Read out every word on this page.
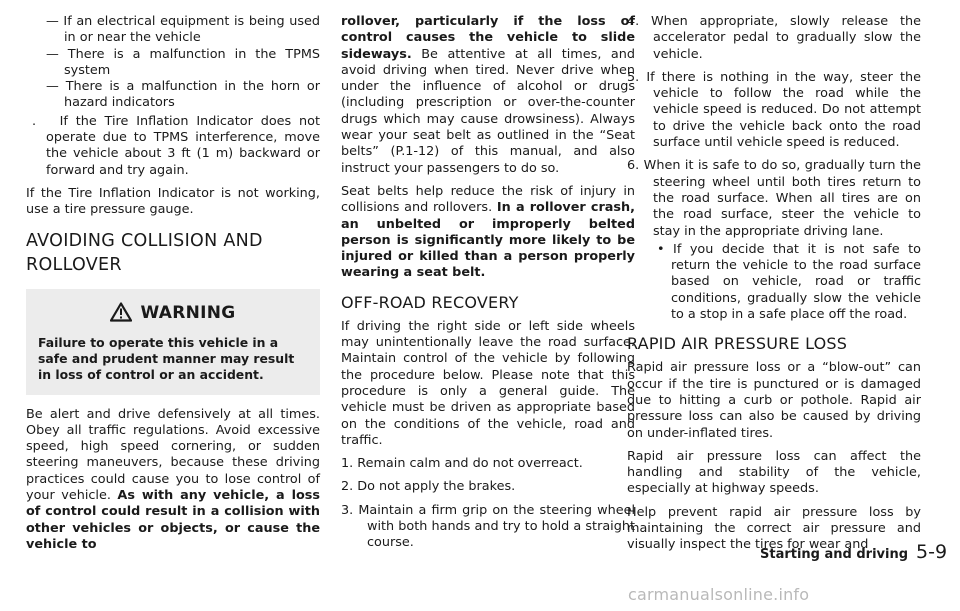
— If an electrical equipment is being used in or near the vehicle

— There is a malfunction in the TPMS system

— There is a malfunction in the horn or hazard indicators

.   If the Tire Inflation Indicator does not operate due to TPMS interference, move the vehicle about 3 ft (1 m) backward or forward and try again.

If the Tire Inflation Indicator is not working, use a tire pressure gauge.

AVOIDING COLLISION AND ROLLOVER
WARNING

Failure to operate this vehicle in a safe and prudent manner may result in loss of control or an accident.

Be alert and drive defensively at all times. Obey all traffic regulations. Avoid excessive speed, high speed cornering, or sudden steering maneuvers, because these driving practices could cause you to lose control of your vehicle. As with any vehicle, a loss of control could result in a collision with other vehicles or objects, or cause the vehicle to

rollover, particularly if the loss of control causes the vehicle to slide sideways. Be attentive at all times, and avoid driving when tired. Never drive when under the influence of alcohol or drugs (including prescription or over-the-counter drugs which may cause drowsiness). Always wear your seat belt as outlined in the “Seat belts” (P.1-12) of this manual, and also instruct your passengers to do so.

Seat belts help reduce the risk of injury in collisions and rollovers. In a rollover crash, an unbelted or improperly belted person is significantly more likely to be injured or killed than a person properly wearing a seat belt.

OFF-ROAD RECOVERY

If driving the right side or left side wheels may unintentionally leave the road surface. Maintain control of the vehicle by following the procedure below. Please note that this procedure is only a general guide. The vehicle must be driven as appropriate based on the conditions of the vehicle, road and traffic.

1. Remain calm and do not overreact.

2. Do not apply the brakes.

3. Maintain a firm grip on the steering wheel with both hands and try to hold a straight course.

4. When appropriate, slowly release the accelerator pedal to gradually slow the vehicle.

5. If there is nothing in the way, steer the vehicle to follow the road while the vehicle speed is reduced. Do not attempt to drive the vehicle back onto the road surface until vehicle speed is reduced.

6. When it is safe to do so, gradually turn the steering wheel until both tires return to the road surface. When all tires are on the road surface, steer the vehicle to stay in the appropriate driving lane.

• If you decide that it is not safe to return the vehicle to the road surface based on vehicle, road or traffic conditions, gradually slow the vehicle to a stop in a safe place off the road.

RAPID AIR PRESSURE LOSS

Rapid air pressure loss or a “blow-out” can occur if the tire is punctured or is damaged due to hitting a curb or pothole. Rapid air pressure loss can also be caused by driving on under-inflated tires.

Rapid air pressure loss can affect the handling and stability of the vehicle, especially at highway speeds.

Help prevent rapid air pressure loss by maintaining the correct air pressure and visually inspect the tires for wear and

Starting and driving 5-9
carmanualsonline.info
